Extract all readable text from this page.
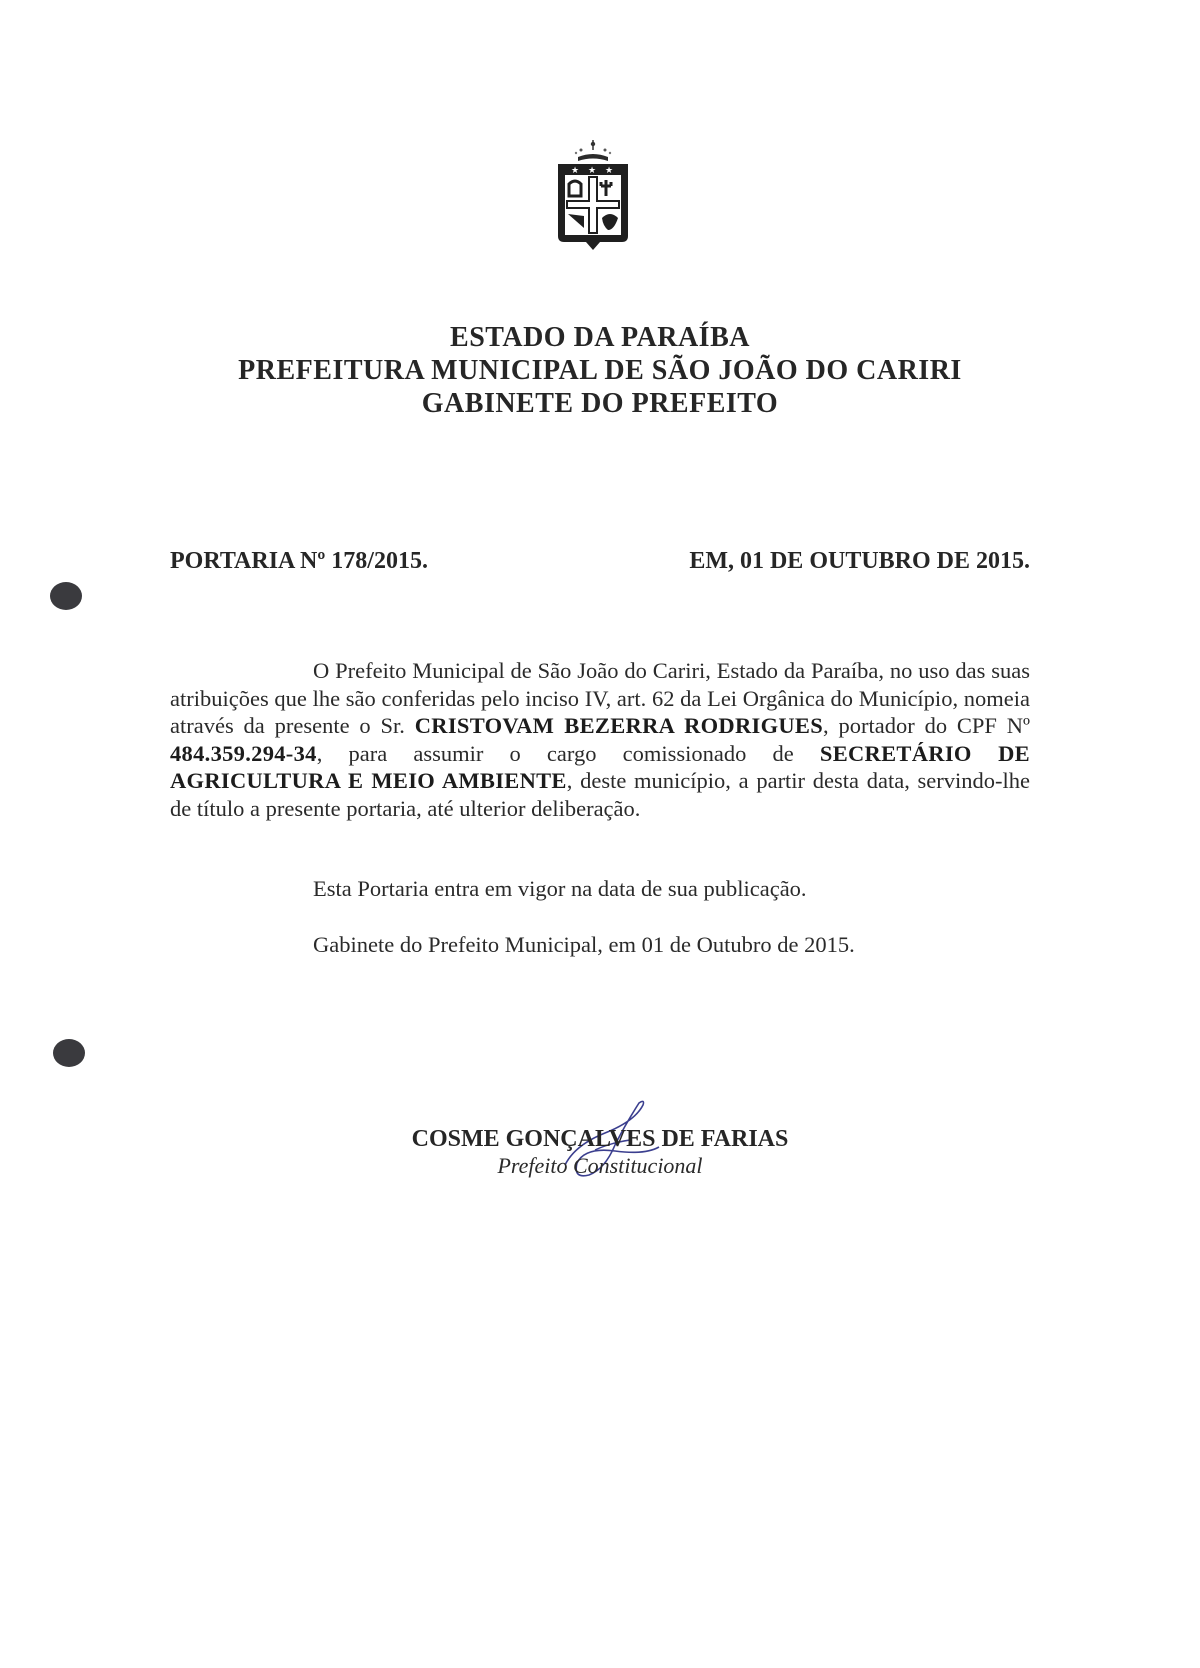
★ ★ ★
ESTADO DA PARAÍBA
PREFEITURA MUNICIPAL DE SÃO JOÃO DO CARIRI
GABINETE DO PREFEITO
PORTARIA Nº 178/2015.	EM, 01 DE OUTUBRO DE 2015.
O Prefeito Municipal de São João do Cariri, Estado da Paraíba, no uso das suas atribuições que lhe são conferidas pelo inciso IV, art. 62 da Lei Orgânica do Município, nomeia através da presente o Sr. CRISTOVAM BEZERRA RODRIGUES, portador do CPF Nº 484.359.294-34, para assumir o cargo comissionado de SECRETÁRIO DE AGRICULTURA E MEIO AMBIENTE, deste município, a partir desta data, servindo-lhe de título a presente portaria, até ulterior deliberação.
Esta Portaria entra em vigor na data de sua publicação.
Gabinete do Prefeito Municipal, em 01 de Outubro de 2015.
COSME GONÇALVES DE FARIAS
Prefeito Constitucional
